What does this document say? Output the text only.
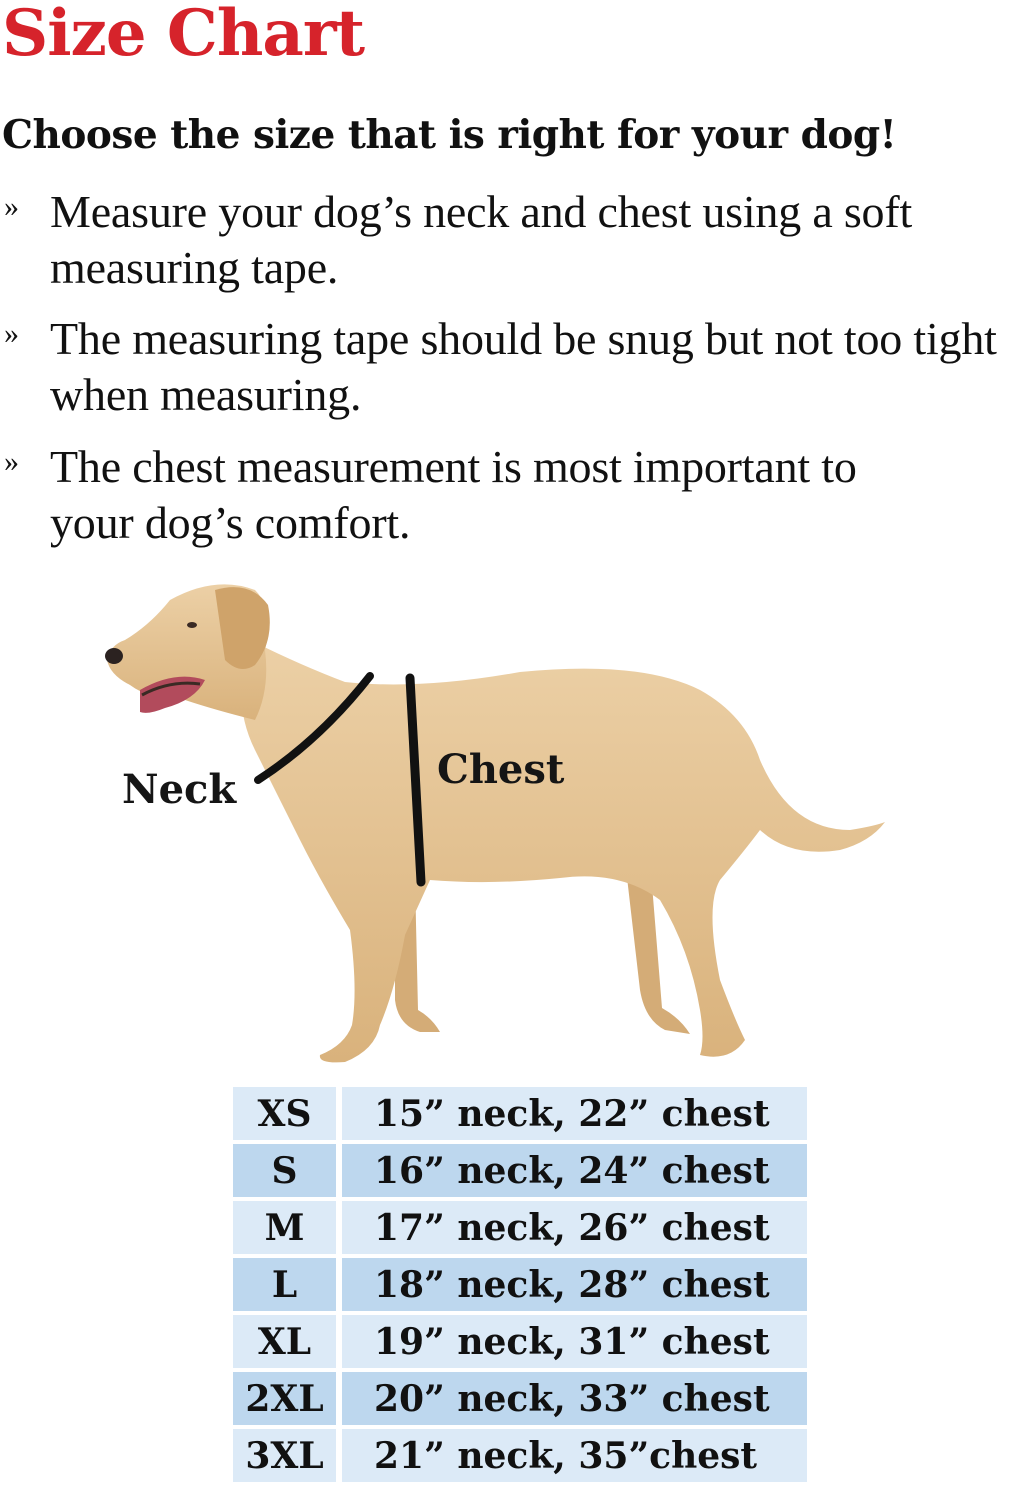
Size Chart
Choose the size that is right for your dog!
» Measure your dog’s neck and chest using a soft measuring tape.
» The measuring tape should be snug but not too tight when measuring.
» The chest measurement is most important to your dog’s comfort.
Neck	Chest
XS	15” neck, 22” chest
S	16” neck, 24” chest
M	17” neck, 26” chest
L	18” neck, 28” chest
XL	19” neck, 31” chest
2XL	20” neck, 33” chest
3XL	21” neck, 35”chest
